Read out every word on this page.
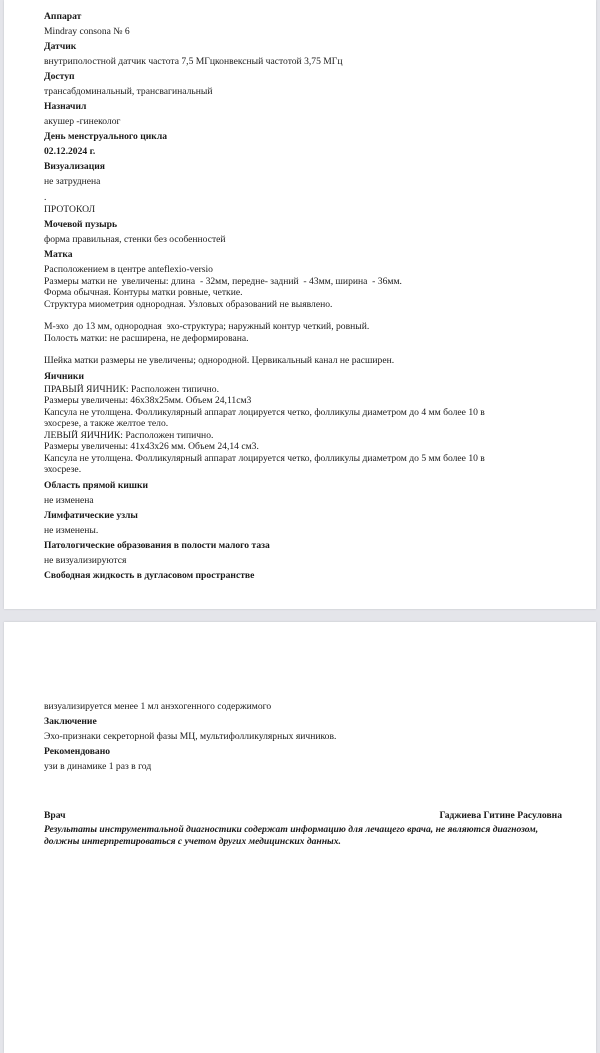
Аппарат
Mindray consona № 6
Датчик
внутриполостной датчик частота 7,5 МГцконвексный частотой 3,75 МГц
Доступ
трансабдоминальный, трансвагинальный
Назначил
акушер -гинеколог
День менструального цикла
02.12.2024 г.
Визуализация
не затруднена
.
ПРОТОКОЛ
Мочевой пузырь
форма правильная, стенки без особенностей
Матка
Расположением в центре anteflexio-versio
Размеры матки не  увеличены: длина  - 32мм, передне- задний  - 43мм, ширина  - 36мм.
Форма обычная. Контуры матки ровные, четкие.
Структура миометрия однородная. Узловых образований не выявлено.
М-эхо  до 13 мм, однородная  эхо-структура; наружный контур четкий, ровный.
Полость матки: не расширена, не деформирована.
Шейка матки размеры не увеличены; однородной. Цервикальный канал не расширен.
Яичники
ПРАВЫЙ ЯИЧНИК: Расположен типично.
Размеры увеличены: 46х38х25мм. Объем 24,11см3
Капсула не утолщена. Фолликулярный аппарат лоцируется четко, фолликулы диаметром до 4 мм более 10 в
эхосрезе, а также желтое тело.
ЛЕВЫЙ ЯИЧНИК: Расположен типично.
Размеры увеличены: 41х43х26 мм. Объем 24,14 см3.
Капсула не утолщена. Фолликулярный аппарат лоцируется четко, фолликулы диаметром до 5 мм более 10 в
эхосрезе.
Область прямой кишки
не изменена
Лимфатические узлы
не изменены.
Патологические образования в полости малого таза
не визуализируются
Свободная жидкость в дугласовом пространстве
визуализируется менее 1 мл анэхогенного содержимого
Заключение
Эхо-признаки секреторной фазы МЦ, мультифолликулярных яичников.
Рекомендовано
узи в динамике 1 раз в год
Врач	Гаджиева Гитине Расуловна
Результаты инструментальной диагностики содержат информацию для лечащего врача, не являются диагнозом, должны интерпретироваться с учетом других медицинских данных.
